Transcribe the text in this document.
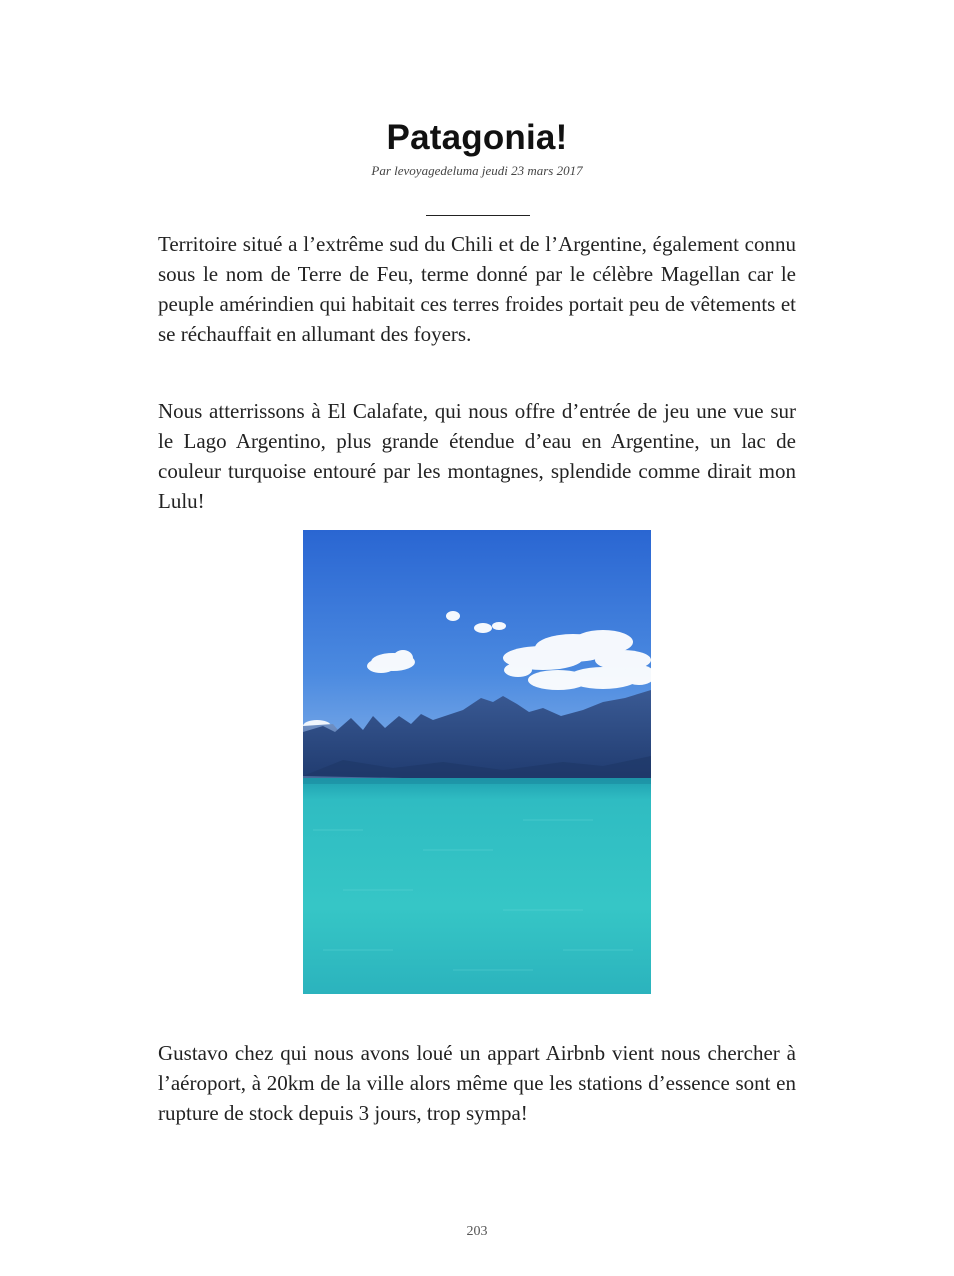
Patagonia!
Par levoyagedeluma jeudi 23 mars 2017

Territoire situé a l’extrême sud du Chili et de l’Argentine, également connu sous le nom de Terre de Feu, terme donné par le célèbre Magellan car le peuple amérindien qui habitait ces terres froides portait peu de vêtements et se réchauffait en allumant des foyers.

Nous atterrissons à El Calafate, qui nous offre d’entrée de jeu une vue sur le Lago Argentino, plus grande étendue d’eau en Argentine, un lac de couleur turquoise entouré par les montagnes, splendide comme dirait mon Lulu!

Gustavo chez qui nous avons loué un appart Airbnb vient nous chercher à l’aéroport, à 20km de la ville alors même que les stations d’essence sont en rupture de stock depuis 3 jours, trop sympa!

203
